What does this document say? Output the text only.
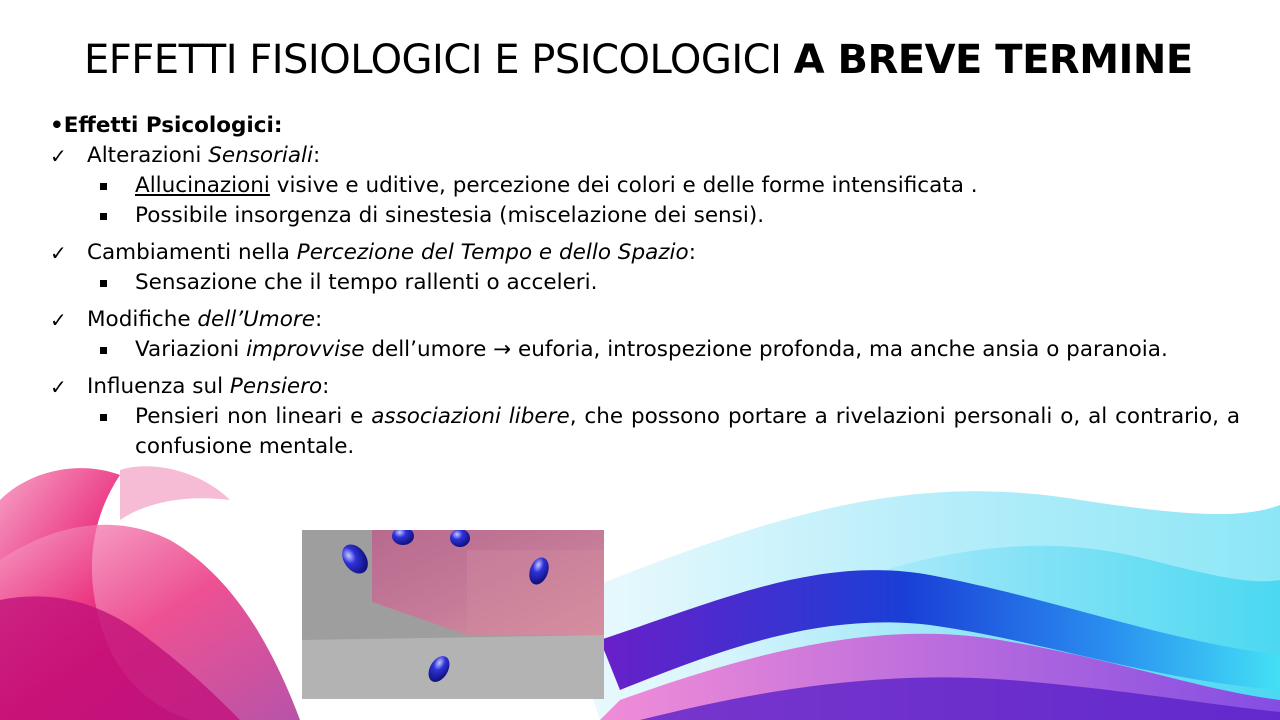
EFFETTI FISIOLOGICI E PSICOLOGICI A BREVE TERMINE
•Effetti Psicologici:
✓ Alterazioni Sensoriali:
Allucinazioni visive e uditive, percezione dei colori e delle forme intensificata .
Possibile insorgenza di sinestesia (miscelazione dei sensi).
✓ Cambiamenti nella Percezione del Tempo e dello Spazio:
Sensazione che il tempo rallenti o acceleri.
✓ Modifiche dell’Umore:
Variazioni improvvise dell’umore → euforia, introspezione profonda, ma anche ansia o paranoia.
✓ Influenza sul Pensiero:
Pensieri non lineari e associazioni libere, che possono portare a rivelazioni personali o, al contrario, a confusione mentale.
